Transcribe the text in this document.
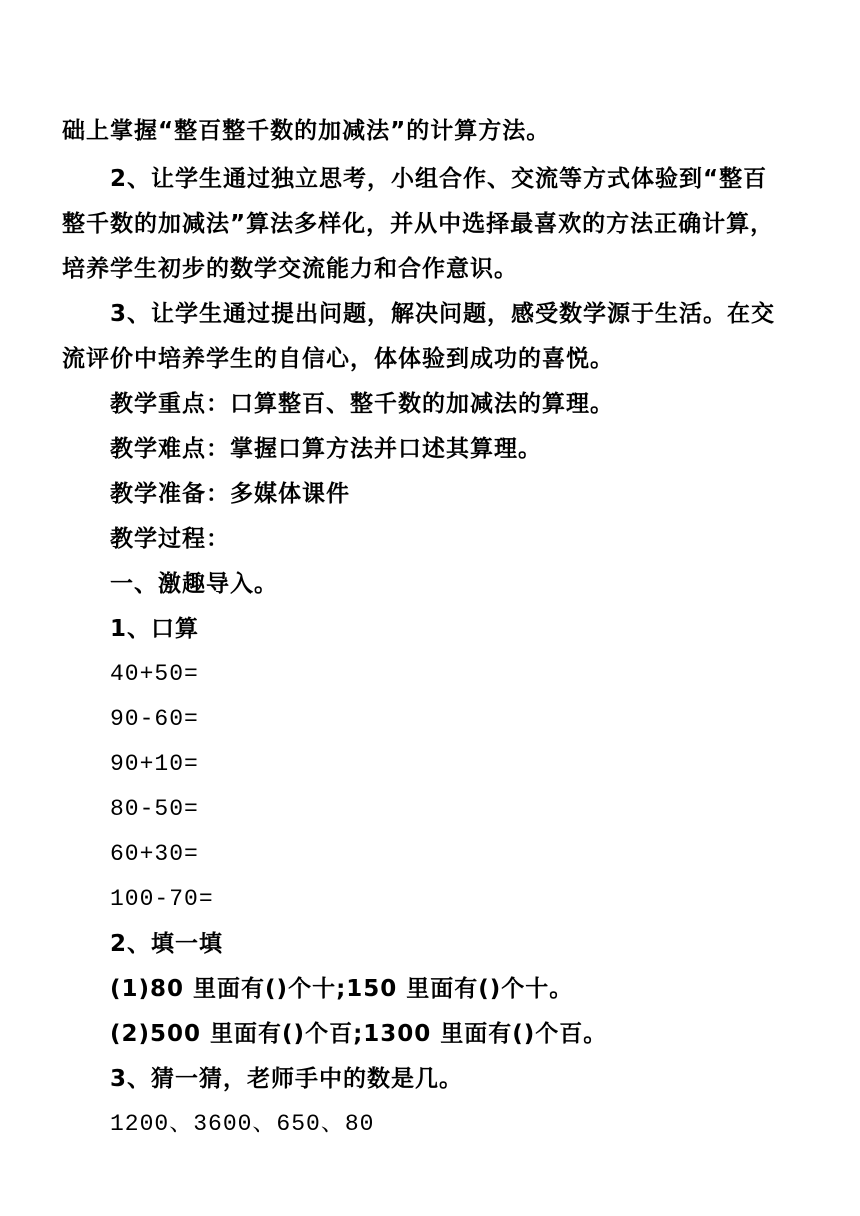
础上掌握“整百整千数的加减法”的计算方法。
2、让学生通过独立思考，小组合作、交流等方式体验到“整百
整千数的加减法”算法多样化，并从中选择最喜欢的方法正确计算，
培养学生初步的数学交流能力和合作意识。
3、让学生通过提出问题，解决问题，感受数学源于生活。在交
流评价中培养学生的自信心，体体验到成功的喜悦。
教学重点：口算整百、整千数的加减法的算理。
教学难点：掌握口算方法并口述其算理。
教学准备：多媒体课件
教学过程：
一、激趣导入。
1、口算
40+50=
90-60=
90+10=
80-50=
60+30=
100-70=
2、填一填
(1)80 里面有()个十;150 里面有()个十。
(2)500 里面有()个百;1300 里面有()个百。
3、猜一猜，老师手中的数是几。
1200、3600、650、80
